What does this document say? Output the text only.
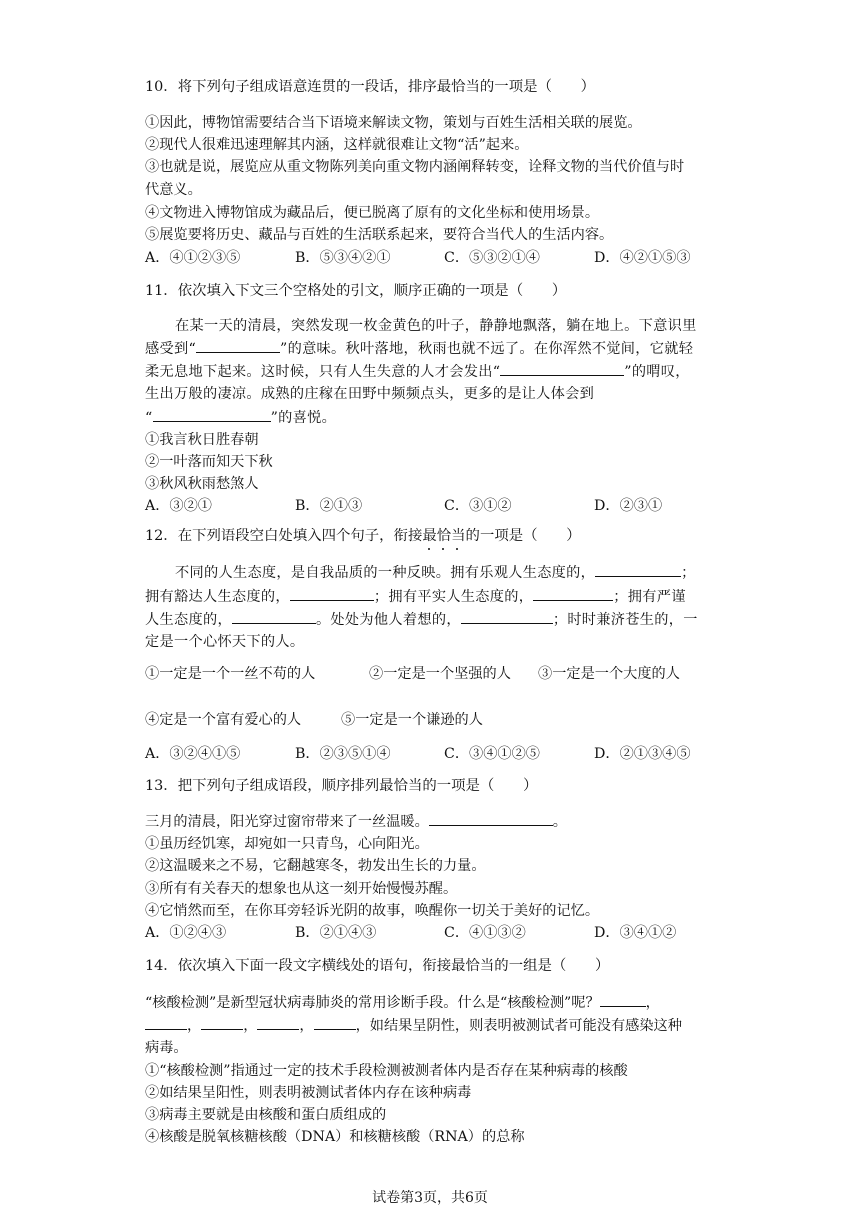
10．将下列句子组成语意连贯的一段话，排序最恰当的一项是（　　）
①因此，博物馆需要结合当下语境来解读文物，策划与百姓生活相关联的展览。
②现代人很难迅速理解其内涵，这样就很难让文物“活”起来。
③也就是说，展览应从重文物陈列美向重文物内涵阐释转变，诠释文物的当代价值与时
代意义。
④文物进入博物馆成为藏品后，便已脱离了原有的文化坐标和使用场景。
⑤展览要将历史、藏品与百姓的生活联系起来，要符合当代人的生活内容。
A．④①②③⑤	B．⑤③④②①	C．⑤③②①④	D．④②①⑤③
11．依次填入下文三个空格处的引文，顺序正确的一项是（　　）
在某一天的清晨，突然发现一枚金黄色的叶子，静静地飘落，躺在地上。下意识里
感受到“	”的意味。秋叶落地，秋雨也就不远了。在你浑然不觉间，它就轻
柔无息地下起来。这时候，只有人生失意的人才会发出“	”的喟叹，
生出万般的凄凉。成熟的庄稼在田野中频频点头，更多的是让人体会到
“	”的喜悦。
①我言秋日胜春朝
②一叶落而知天下秋
③秋风秋雨愁煞人
A．③②①	B．②①③	C．③①②	D．②③①
12．在下列语段空白处填入四个句子，衔接最恰当
的一项是（　　）
不同的人生态度，是自我品质的一种反映。拥有乐观人生态度的，	；
拥有豁达人生态度的，	；拥有平实人生态度的，	；拥有严谨
人生态度的，	。处处为他人着想的，	；时时兼济苍生的，一
定是一个心怀天下的人。
①一定是一个一丝不苟的人	②一定是一个坚强的人 ③一定是一个大度的人
④定是一个富有爱心的人	⑤一定是一个谦逊的人
A．③②④①⑤	B．②③⑤①④	C．③④①②⑤	D．②①③④⑤
13．把下列句子组成语段，顺序排列最恰当的一项是（　　）
三月的清晨，阳光穿过窗帘带来了一丝温暖。	。
①虽历经饥寒，却宛如一只青鸟，心向阳光。
②这温暖来之不易，它翻越寒冬，勃发出生长的力量。
③所有有关春天的想象也从这一刻开始慢慢苏醒。
④它悄然而至，在你耳旁轻诉光阴的故事，唤醒你一切关于美好的记忆。
A．①②④③	B．②①④③	C．④①③②	D．③④①②
14．依次填入下面一段文字横线处的语句，衔接最恰当的一组是（　　）
“核酸检测”是新型冠状病毒肺炎的常用诊断手段。什么是“核酸检测”呢？	，
，	，	，	，如结果呈阴性，则表明被测试者可能没有感染这种
病毒。
①“核酸检测”指通过一定的技术手段检测被测者体内是否存在某种病毒的核酸
②如结果呈阳性，则表明被测试者体内存在该种病毒
③病毒主要就是由核酸和蛋白质组成的
④核酸是脱氧核糖核酸（DNA）和核糖核酸（RNA）的总称
试卷第3页，共6页
